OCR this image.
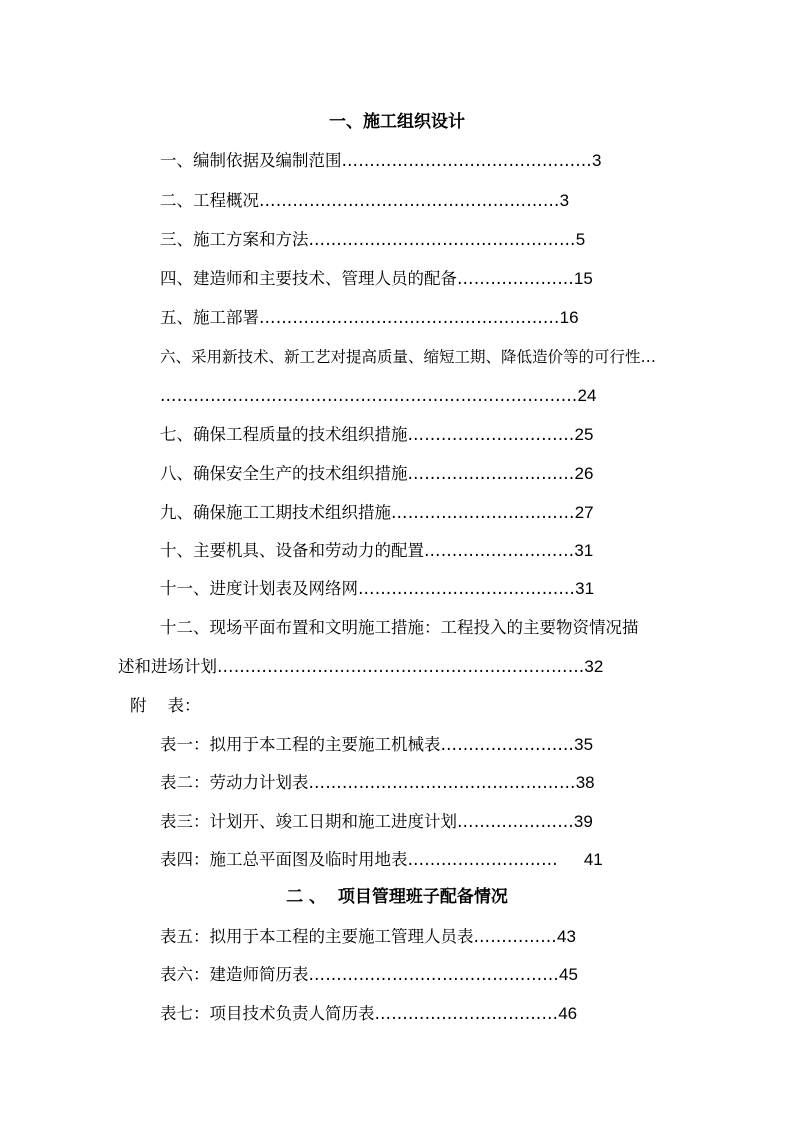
一、施工组织设计
一、编制依据及编制范围………………………………………3
二、工程概况………………………………………………3
三、施工方案和方法…………………………………………5
四、建造师和主要技术、管理人员的配备…………………15
五、施工部署………………………………………………16
六、采用新技术、新工艺对提高质量、缩短工期、降低造价等的可行性…
…………………………………………………………………24
七、确保工程质量的技术组织措施…………………………25
八、确保安全生产的技术组织措施…………………………26
九、确保施工工期技术组织措施……………………………27
十、主要机具、设备和劳动力的配置………………………31
十一、进度计划表及网络网…………………………………31
十二、现场平面布置和文明施工措施：工程投入的主要物资情况描
述和进场计划…………………………………………………………32
附    表：
表一：拟用于本工程的主要施工机械表……………………35
表二：劳动力计划表…………………………………………38
表三：计划开、竣工日期和施工进度计划…………………39
表四：施工总平面图及临时用地表……………………… 41
二 、  项目管理班子配备情况
表五：拟用于本工程的主要施工管理人员表……………43
表六：建造师简历表………………………………………45
表七：项目技术负责人简历表……………………………46
